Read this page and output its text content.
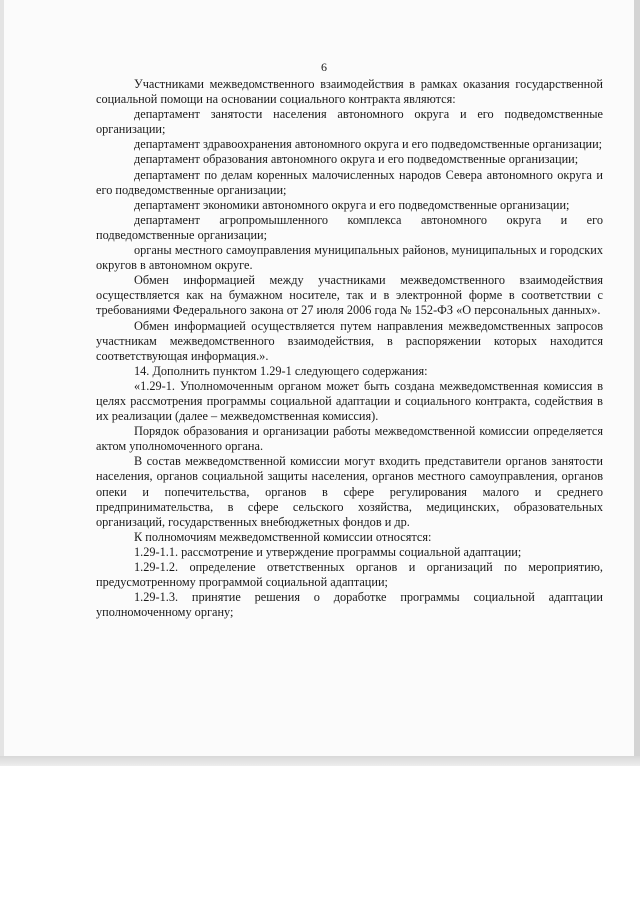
6

Участниками межведомственного взаимодействия в рамках оказания государственной социальной помощи на основании социального контракта являются:

департамент занятости населения автономного округа и его подведомственные организации;

департамент здравоохранения автономного округа и его подведомственные организации;

департамент образования автономного округа и его подведомственные организации;

департамент по делам коренных малочисленных народов Севера автономного округа и его подведомственные организации;

департамент экономики автономного округа и его подведомственные организации;

департамент агропромышленного комплекса автономного округа и его подведомственные организации;

органы местного самоуправления муниципальных районов, муниципальных и городских округов в автономном округе.

Обмен информацией между участниками межведомственного взаимодействия осуществляется как на бумажном носителе, так и в электронной форме в соответствии с требованиями Федерального закона от 27 июля 2006 года № 152-ФЗ «О персональных данных».

Обмен информацией осуществляется путем направления межведомственных запросов участникам межведомственного взаимодействия, в распоряжении которых находится соответствующая информация.».

14. Дополнить пунктом 1.29-1 следующего содержания:

«1.29-1. Уполномоченным органом может быть создана межведомственная комиссия в целях рассмотрения программы социальной адаптации и социального контракта, содействия в их реализации (далее – межведомственная комиссия).

Порядок образования и организации работы межведомственной комиссии определяется актом уполномоченного органа.

В состав межведомственной комиссии могут входить представители органов занятости населения, органов социальной защиты населения, органов местного самоуправления, органов опеки и попечительства, органов в сфере регулирования малого и среднего предпринимательства, в сфере сельского хозяйства, медицинских, образовательных организаций, государственных внебюджетных фондов и др.

К полномочиям межведомственной комиссии относятся:

1.29-1.1. рассмотрение и утверждение программы социальной адаптации;

1.29-1.2. определение ответственных органов и организаций по мероприятию, предусмотренному программой социальной адаптации;

1.29-1.3. принятие решения о доработке программы социальной адаптации уполномоченному органу;
